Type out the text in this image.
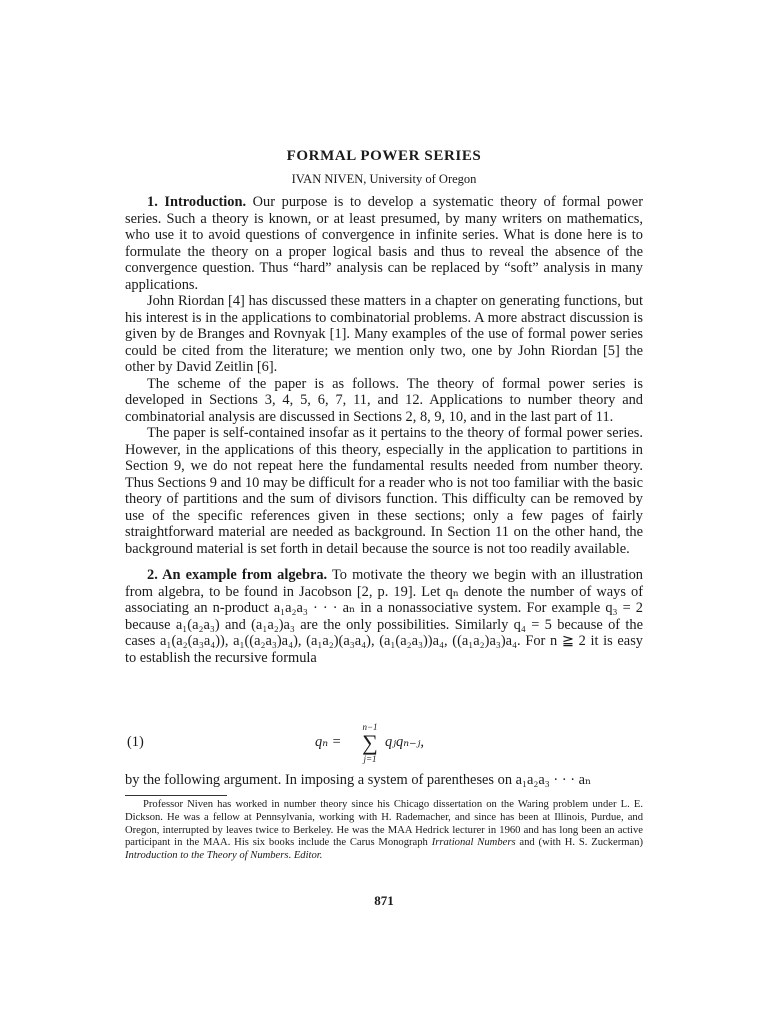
FORMAL POWER SERIES
IVAN NIVEN, University of Oregon

1. Introduction. Our purpose is to develop a systematic theory of formal power series. Such a theory is known, or at least presumed, by many writers on mathematics, who use it to avoid questions of convergence in infinite series. What is done here is to formulate the theory on a proper logical basis and thus to reveal the absence of the convergence question. Thus “hard” analysis can be replaced by “soft” analysis in many applications.

John Riordan [4] has discussed these matters in a chapter on generating functions, but his interest is in the applications to combinatorial problems. A more abstract discussion is given by de Branges and Rovnyak [1]. Many examples of the use of formal power series could be cited from the literature; we mention only two, one by John Riordan [5] the other by David Zeitlin [6].

The scheme of the paper is as follows. The theory of formal power series is developed in Sections 3, 4, 5, 6, 7, 11, and 12. Applications to number theory and combinatorial analysis are discussed in Sections 2, 8, 9, 10, and in the last part of 11.

The paper is self-contained insofar as it pertains to the theory of formal power series. However, in the applications of this theory, especially in the application to partitions in Section 9, we do not repeat here the fundamental results needed from number theory. Thus Sections 9 and 10 may be difficult for a reader who is not too familiar with the basic theory of partitions and the sum of divisors function. This difficulty can be removed by use of the specific references given in these sections; only a few pages of fairly straightforward material are needed as background. In Section 11 on the other hand, the background material is set forth in detail because the source is not too readily available.

2. An example from algebra. To motivate the theory we begin with an illustration from algebra, to be found in Jacobson [2, p. 19]. Let qₙ denote the number of ways of associating an n-product a₁a₂a₃ · · · aₙ in a nonassociative system. For example q₃ = 2 because a₁(a₂a₃) and (a₁a₂)a₃ are the only possibilities. Similarly q₄ = 5 because of the cases a₁(a₂(a₃a₄)), a₁((a₂a₃)a₄), (a₁a₂)(a₃a₄), (a₁(a₂a₃))a₄, ((a₁a₂)a₃)a₄. For n ≧ 2 it is easy to establish the recursive formula

(1)	qₙ =
n−1
∑
j=1
qⱼqₙ₋ⱼ,
by the following argument. In imposing a system of parentheses on a₁a₂a₃ · · · aₙ

Professor Niven has worked in number theory since his Chicago dissertation on the Waring problem under L. E. Dickson. He was a fellow at Pennsylvania, working with H. Rademacher, and since has been at Illinois, Purdue, and Oregon, interrupted by leaves twice to Berkeley. He was the MAA Hedrick lecturer in 1960 and has long been an active participant in the MAA. His six books include the Carus Monograph Irrational Numbers and (with H. S. Zuckerman) Introduction to the Theory of Numbers. Editor.

871
